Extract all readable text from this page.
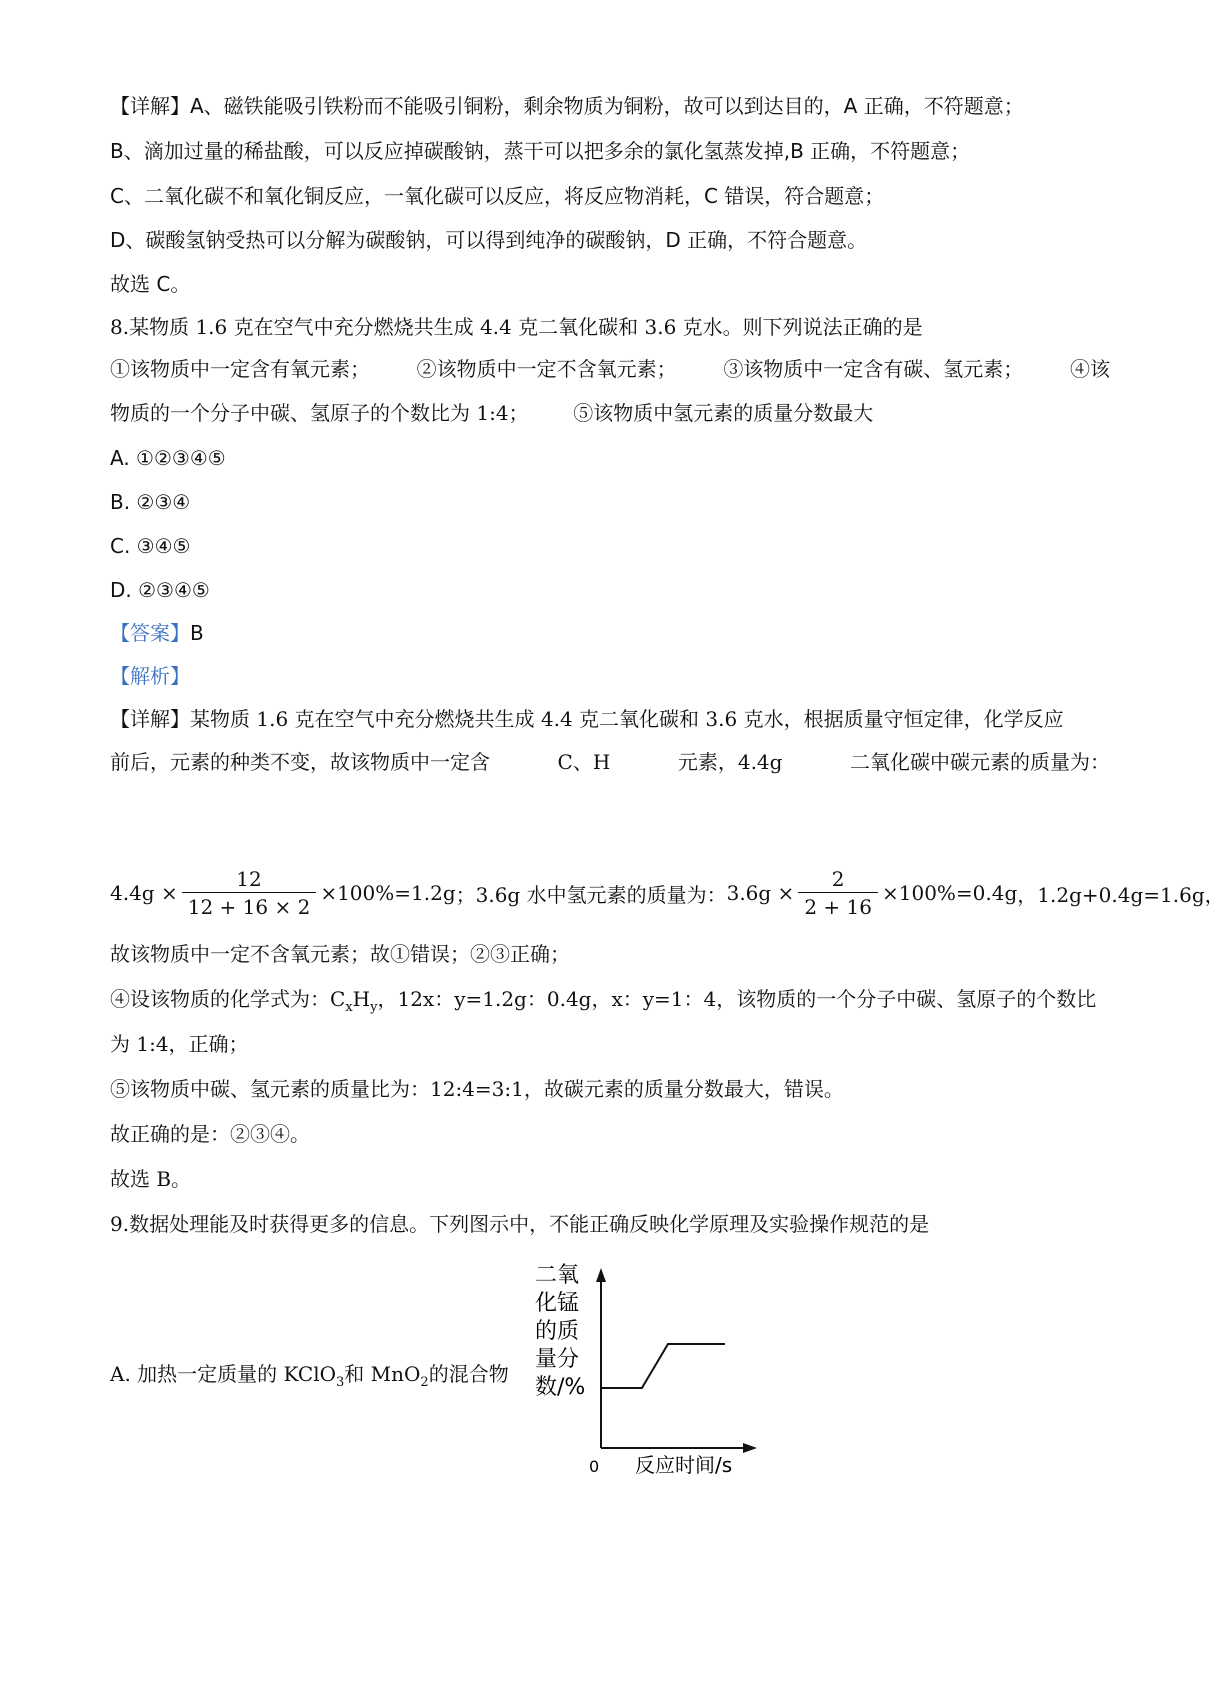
【详解】A、磁铁能吸引铁粉而不能吸引铜粉，剩余物质为铜粉，故可以到达目的，A 正确，不符题意；
B、滴加过量的稀盐酸，可以反应掉碳酸钠，蒸干可以把多余的氯化氢蒸发掉,B 正确，不符题意；
C、二氧化碳不和氧化铜反应，一氧化碳可以反应，将反应物消耗，C 错误，符合题意；
D、碳酸氢钠受热可以分解为碳酸钠，可以得到纯净的碳酸钠，D 正确，不符合题意。
故选 C。
8.某物质 1.6 克在空气中充分燃烧共生成 4.4 克二氧化碳和 3.6 克水。则下列说法正确的是
①该物质中一定含有氧元素； ②该物质中一定不含氧元素； ③该物质中一定含有碳、氢元素； ④该
物质的一个分子中碳、氢原子的个数比为 1:4； ⑤该物质中氢元素的质量分数最大
A. ①②③④⑤
B. ②③④
C. ③④⑤
D. ②③④⑤
【答案】B
【解析】
【详解】某物质 1.6 克在空气中充分燃烧共生成 4.4 克二氧化碳和 3.6 克水，根据质量守恒定律，化学反应
前后，元素的种类不变，故该物质中一定含	C、H	元素，4.4g	二氧化碳中碳元素的质量为：
$4.4g \times \frac{12}{12 + 16 \times 2} \times 100\%=1.2g$ ；3.6g 水中氢元素的质量为： $3.6g \times \frac{2}{2 + 16} \times 100\%=0.4g$ ，1.2g+0.4g=1.6g，
故该物质中一定不含氧元素；故①错误；②③正确；
④设该物质的化学式为：$C_xH_y$，12x：y=1.2g：0.4g，x：y=1：4，该物质的一个分子中碳、氢原子的个数比
为 1:4，正确；
⑤该物质中碳、氢元素的质量比为：12:4=3:1，故碳元素的质量分数最大，错误。
故正确的是：②③④。
故选 B。
9.数据处理能及时获得更多的信息。下列图示中，不能正确反映化学原理及实验操作规范的是
A. 加热一定质量的 KClO$_3$和 MnO$_2$的混合物
二氧
化锰
的质
量分
数/%
0 反应时间/s
